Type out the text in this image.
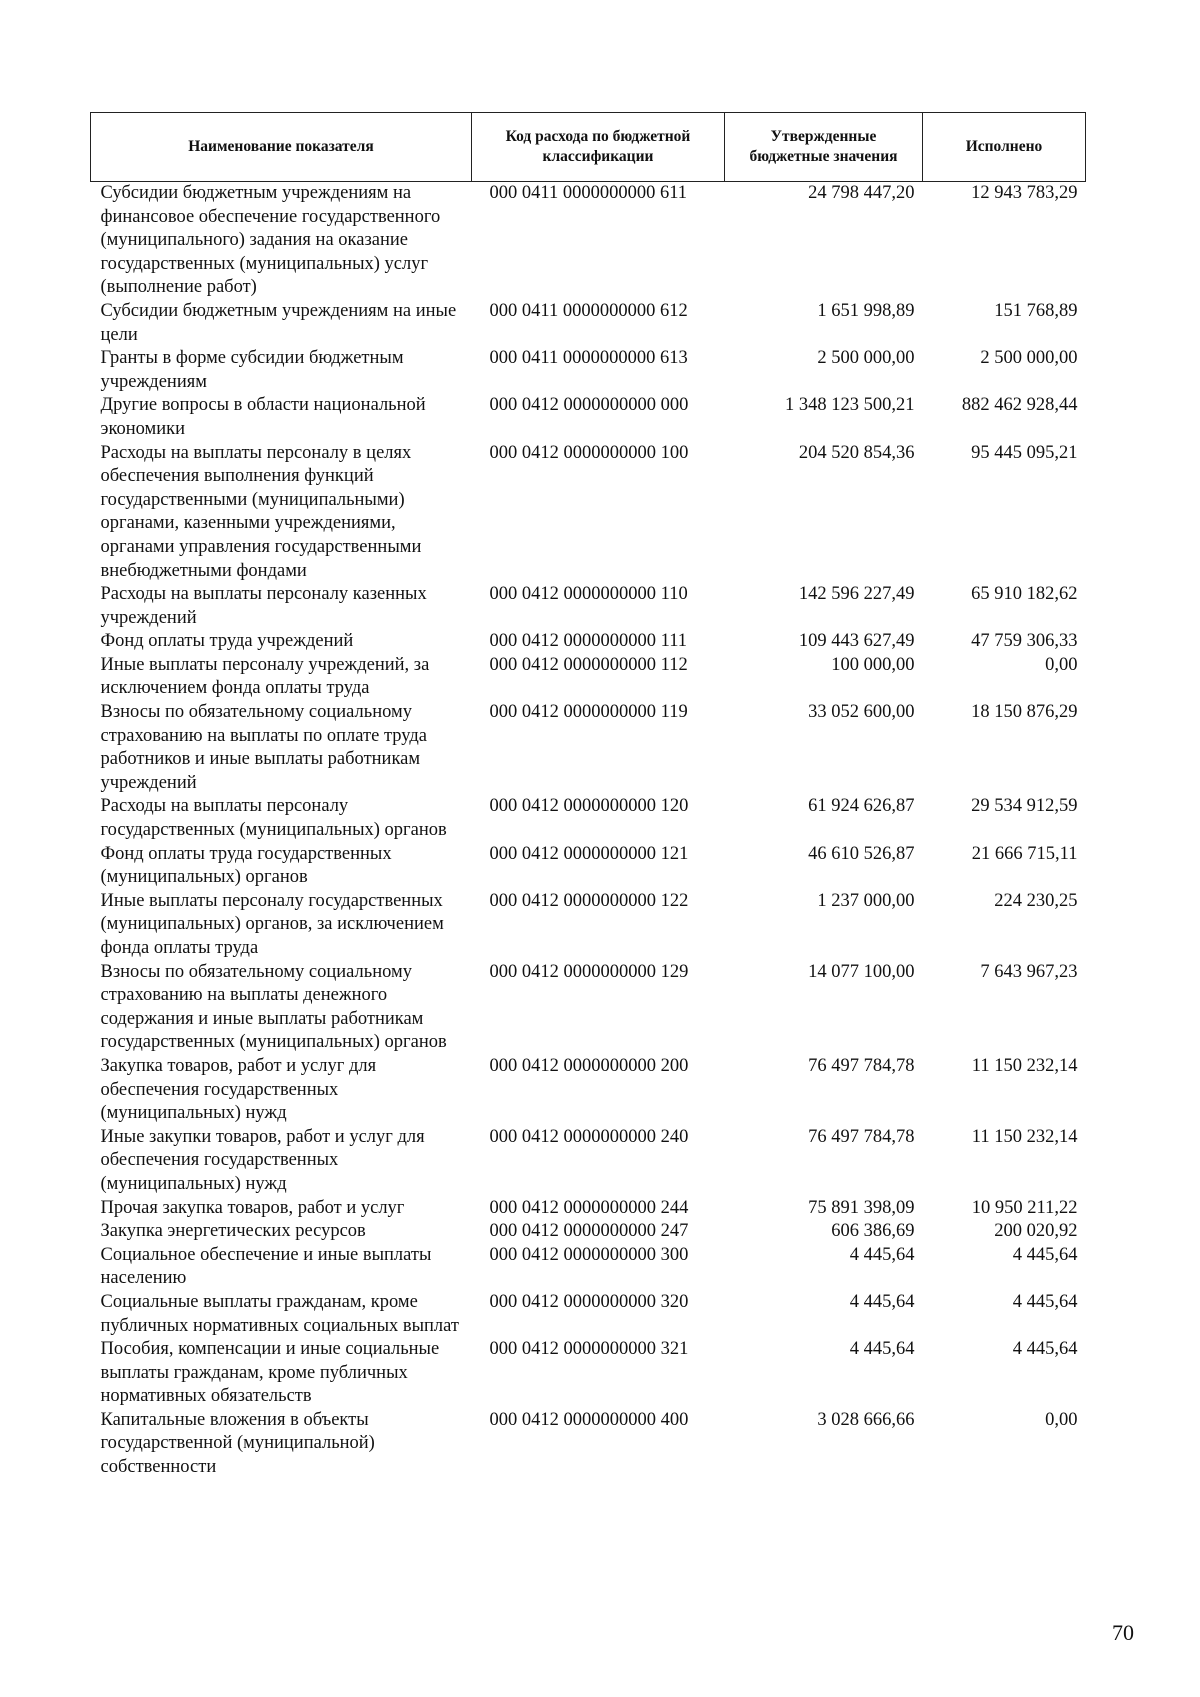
Наименование показателя	Код расхода по бюджетной классификации	Утвержденные бюджетные значения	Исполнено
Субсидии бюджетным учреждениям на финансовое обеспечение государственного (муниципального) задания на оказание государственных (муниципальных) услуг (выполнение работ)	000 0411 0000000000 611	24 798 447,20	12 943 783,29
Субсидии бюджетным учреждениям на иные цели	000 0411 0000000000 612	1 651 998,89	151 768,89
Гранты в форме субсидии бюджетным учреждениям	000 0411 0000000000 613	2 500 000,00	2 500 000,00
Другие вопросы в области национальной экономики	000 0412 0000000000 000	1 348 123 500,21	882 462 928,44
Расходы на выплаты персоналу в целях обеспечения выполнения функций государственными (муниципальными) органами, казенными учреждениями, органами управления государственными внебюджетными фондами	000 0412 0000000000 100	204 520 854,36	95 445 095,21
Расходы на выплаты персоналу казенных учреждений	000 0412 0000000000 110	142 596 227,49	65 910 182,62
Фонд оплаты труда учреждений	000 0412 0000000000 111	109 443 627,49	47 759 306,33
Иные выплаты персоналу учреждений, за исключением фонда оплаты труда	000 0412 0000000000 112	100 000,00	0,00
Взносы по обязательному социальному страхованию на выплаты по оплате труда работников и иные выплаты работникам учреждений	000 0412 0000000000 119	33 052 600,00	18 150 876,29
Расходы на выплаты персоналу государственных (муниципальных) органов	000 0412 0000000000 120	61 924 626,87	29 534 912,59
Фонд оплаты труда государственных (муниципальных) органов	000 0412 0000000000 121	46 610 526,87	21 666 715,11
Иные выплаты персоналу государственных (муниципальных) органов, за исключением фонда оплаты труда	000 0412 0000000000 122	1 237 000,00	224 230,25
Взносы по обязательному социальному страхованию на выплаты денежного содержания и иные выплаты работникам государственных (муниципальных) органов	000 0412 0000000000 129	14 077 100,00	7 643 967,23
Закупка товаров, работ и услуг для обеспечения государственных (муниципальных) нужд	000 0412 0000000000 200	76 497 784,78	11 150 232,14
Иные закупки товаров, работ и услуг для обеспечения государственных (муниципальных) нужд	000 0412 0000000000 240	76 497 784,78	11 150 232,14
Прочая закупка товаров, работ и услуг	000 0412 0000000000 244	75 891 398,09	10 950 211,22
Закупка энергетических ресурсов	000 0412 0000000000 247	606 386,69	200 020,92
Социальное обеспечение и иные выплаты населению	000 0412 0000000000 300	4 445,64	4 445,64
Социальные выплаты гражданам, кроме публичных нормативных социальных выплат	000 0412 0000000000 320	4 445,64	4 445,64
Пособия, компенсации и иные социальные выплаты гражданам, кроме публичных нормативных обязательств	000 0412 0000000000 321	4 445,64	4 445,64
Капитальные вложения в объекты государственной (муниципальной) собственности	000 0412 0000000000 400	3 028 666,66	0,00
70
